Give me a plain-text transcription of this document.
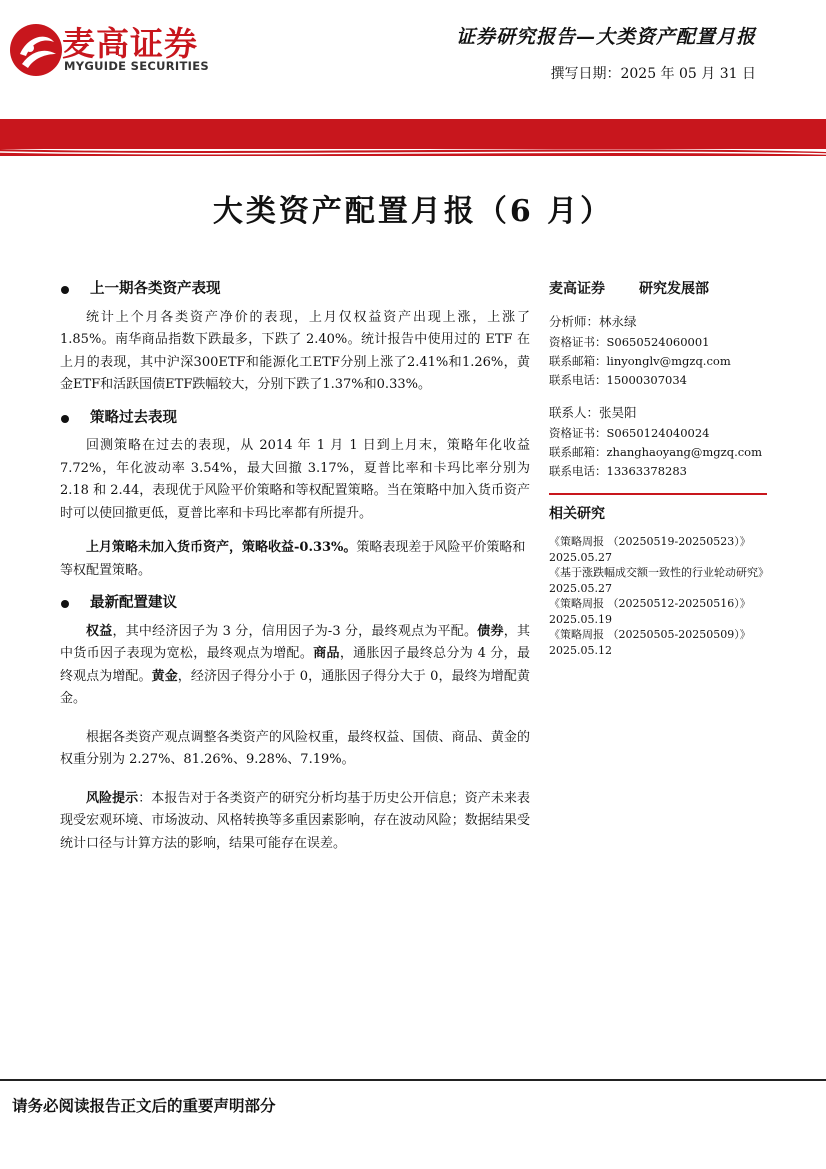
麦高证券
MYGUIDE SECURITIES
证券研究报告—大类资产配置月报
撰写日期：2025 年 05 月 31 日
大类资产配置月报（6 月）

上一期各类资产表现

统计上个月各类资产净价的表现，上月仅权益资产出现上涨，上涨了 1.85%。南华商品指数下跌最多，下跌了 2.40%。统计报告中使用过的 ETF 在上月的表现，其中沪深300ETF和能源化工ETF分别上涨了2.41%和1.26%，黄金ETF和活跃国债ETF跌幅较大，分别下跌了1.37%和0.33%。

策略过去表现

回测策略在过去的表现，从 2014 年 1 月 1 日到上月末，策略年化收益 7.72%，年化波动率 3.54%，最大回撤 3.17%，夏普比率和卡玛比率分别为 2.18 和 2.44，表现优于风险平价策略和等权配置策略。当在策略中加入货币资产时可以使回撤更低，夏普比率和卡玛比率都有所提升。

上月策略未加入货币资产，策略收益-0.33%。策略表现差于风险平价策略和等权配置策略。

最新配置建议

权益，其中经济因子为 3 分，信用因子为-3 分，最终观点为平配。债券，其中货币因子表现为宽松，最终观点为增配。商品，通胀因子最终总分为 4 分，最终观点为增配。黄金，经济因子得分小于 0，通胀因子得分大于 0，最终为增配黄金。

根据各类资产观点调整各类资产的风险权重，最终权益、国债、商品、黄金的权重分别为 2.27%、81.26%、9.28%、7.19%。

风险提示：本报告对于各类资产的研究分析均基于历史公开信息；资产未来表现受宏观环境、市场波动、风格转换等多重因素影响，存在波动风险；数据结果受统计口径与计算方法的影响，结果可能存在误差。

麦高证券 研究发展部

分析师：林永绿

资格证书：S0650524060001

联系邮箱：linyonglv@mgzq.com

联系电话：15000307034

联系人：张昊阳

资格证书：S0650124040024

联系邮箱：zhanghaoyang@mgzq.com

联系电话：13363378283

相关研究

《策略周报 （20250519-20250523）》

2025.05.27

《基于涨跌幅成交额一致性的行业轮动研究》2025.05.27

《策略周报 （20250512-20250516）》

2025.05.19

《策略周报 （20250505-20250509）》

2025.05.12

请务必阅读报告正文后的重要声明部分
